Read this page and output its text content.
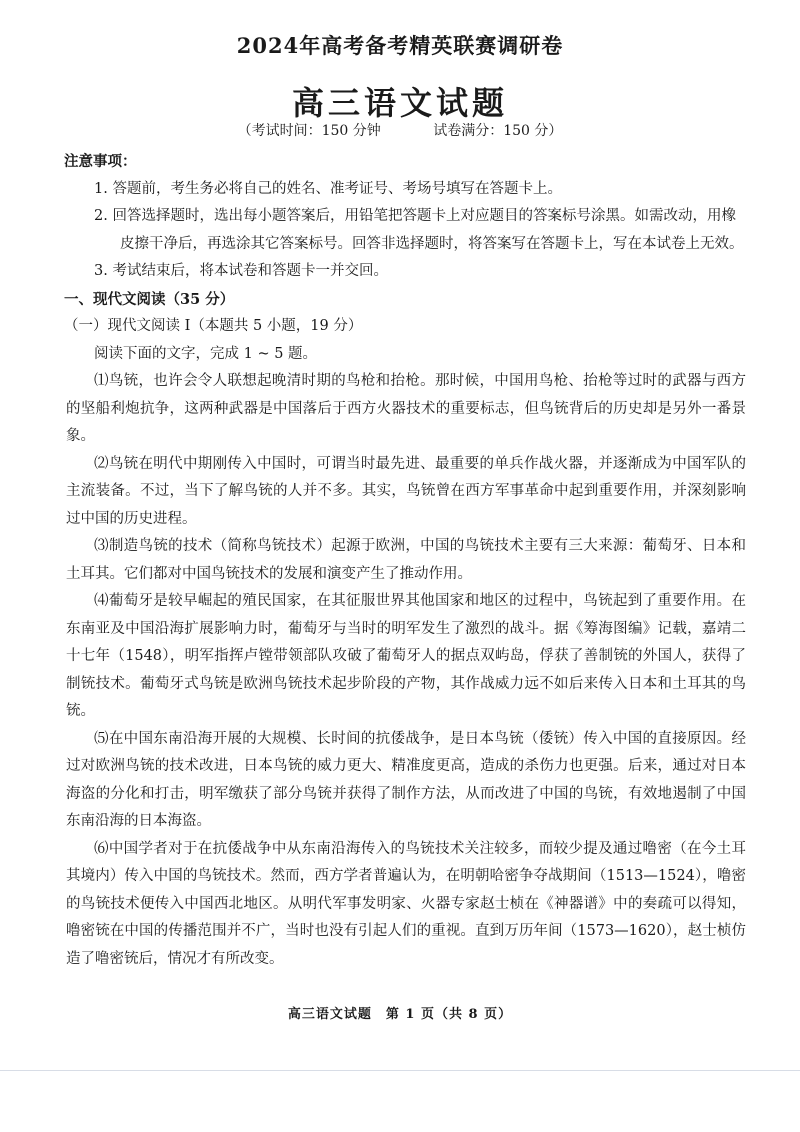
2024年高考备考精英联赛调研卷
高三语文试题
（考试时间：150 分钟	试卷满分：150 分）
注意事项：
1. 答题前，考生务必将自己的姓名、准考证号、考场号填写在答题卡上。
2. 回答选择题时，选出每小题答案后，用铅笔把答题卡上对应题目的答案标号涂黑。如需改动，用橡皮擦干净后，再选涂其它答案标号。回答非选择题时，将答案写在答题卡上，写在本试卷上无效。
3. 考试结束后，将本试卷和答题卡一并交回。
一、现代文阅读（35 分）
（一）现代文阅读 I（本题共 5 小题，19 分）
阅读下面的文字，完成 1 ~ 5 题。
⑴鸟铳，也许会令人联想起晚清时期的鸟枪和抬枪。那时候，中国用鸟枪、抬枪等过时的武器与西方的坚船利炮抗争，这两种武器是中国落后于西方火器技术的重要标志，但鸟铳背后的历史却是另外一番景象。
⑵鸟铳在明代中期刚传入中国时，可谓当时最先进、最重要的单兵作战火器，并逐渐成为中国军队的主流装备。不过，当下了解鸟铳的人并不多。其实，鸟铳曾在西方军事革命中起到重要作用，并深刻影响过中国的历史进程。
⑶制造鸟铳的技术（简称鸟铳技术）起源于欧洲，中国的鸟铳技术主要有三大来源：葡萄牙、日本和土耳其。它们都对中国鸟铳技术的发展和演变产生了推动作用。
⑷葡萄牙是较早崛起的殖民国家，在其征服世界其他国家和地区的过程中，鸟铳起到了重要作用。在东南亚及中国沿海扩展影响力时，葡萄牙与当时的明军发生了激烈的战斗。据《筹海图编》记载，嘉靖二十七年（1548），明军指挥卢镗带领部队攻破了葡萄牙人的据点双屿岛，俘获了善制铳的外国人，获得了制铳技术。葡萄牙式鸟铳是欧洲鸟铳技术起步阶段的产物，其作战威力远不如后来传入日本和土耳其的鸟铳。
⑸在中国东南沿海开展的大规模、长时间的抗倭战争，是日本鸟铳（倭铳）传入中国的直接原因。经过对欧洲鸟铳的技术改进，日本鸟铳的威力更大、精准度更高，造成的杀伤力也更强。后来，通过对日本海盗的分化和打击，明军缴获了部分鸟铳并获得了制作方法，从而改进了中国的鸟铳，有效地遏制了中国东南沿海的日本海盗。
⑹中国学者对于在抗倭战争中从东南沿海传入的鸟铳技术关注较多，而较少提及通过噜密（在今土耳其境内）传入中国的鸟铳技术。然而，西方学者普遍认为，在明朝哈密争夺战期间（1513—1524），噜密的鸟铳技术便传入中国西北地区。从明代军事发明家、火器专家赵士桢在《神器谱》中的奏疏可以得知，噜密铳在中国的传播范围并不广，当时也没有引起人们的重视。直到万历年间（1573—1620），赵士桢仿造了噜密铳后，情况才有所改变。
高三语文试题　第 1 页（共 8 页）
